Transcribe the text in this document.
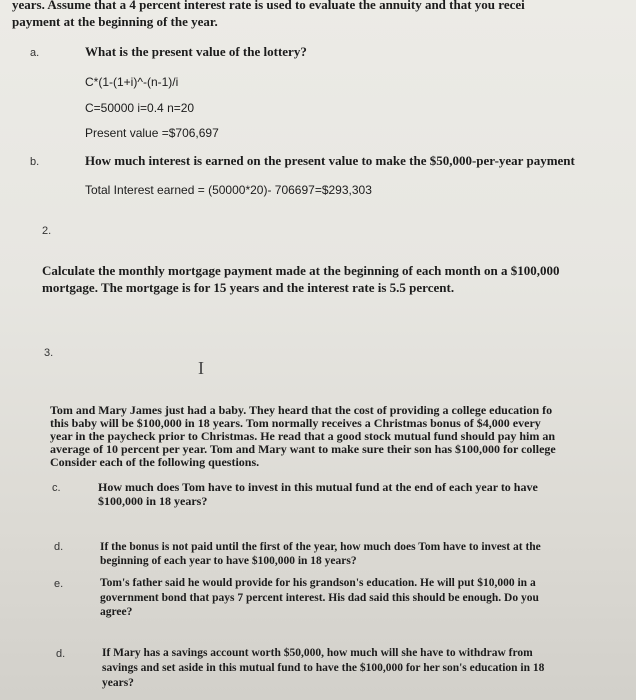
years. Assume that a 4 percent interest rate is used to evaluate the annuity and that you recei
payment at the beginning of the year.
a.	What is the present value of the lottery?
C*(1-(1+i)^-(n-1)/i
C=50000 i=0.4 n=20
Present value =$706,697
b.	How much interest is earned on the present value to make the $50,000-per-year payment
Total Interest earned = (50000*20)- 706697=$293,303
2.
Calculate the monthly mortgage payment made at the beginning of each month on a $100,000
mortgage. The mortgage is for 15 years and the interest rate is 5.5 percent.
3.
I
Tom and Mary James just had a baby. They heard that the cost of providing a college education fo
this baby will be $100,000 in 18 years. Tom normally receives a Christmas bonus of $4,000 every
year in the paycheck prior to Christmas. He read that a good stock mutual fund should pay him an
average of 10 percent per year. Tom and Mary want to make sure their son has $100,000 for college
Consider each of the following questions.
c.	How much does Tom have to invest in this mutual fund at the end of each year to have
$100,000 in 18 years?
d.	If the bonus is not paid until the first of the year, how much does Tom have to invest at the
beginning of each year to have $100,000 in 18 years?
e.	Tom's father said he would provide for his grandson's education. He will put $10,000 in a
government bond that pays 7 percent interest. His dad said this should be enough. Do you
agree?
d.	If Mary has a savings account worth $50,000, how much will she have to withdraw from
savings and set aside in this mutual fund to have the $100,000 for her son's education in 18
years?
